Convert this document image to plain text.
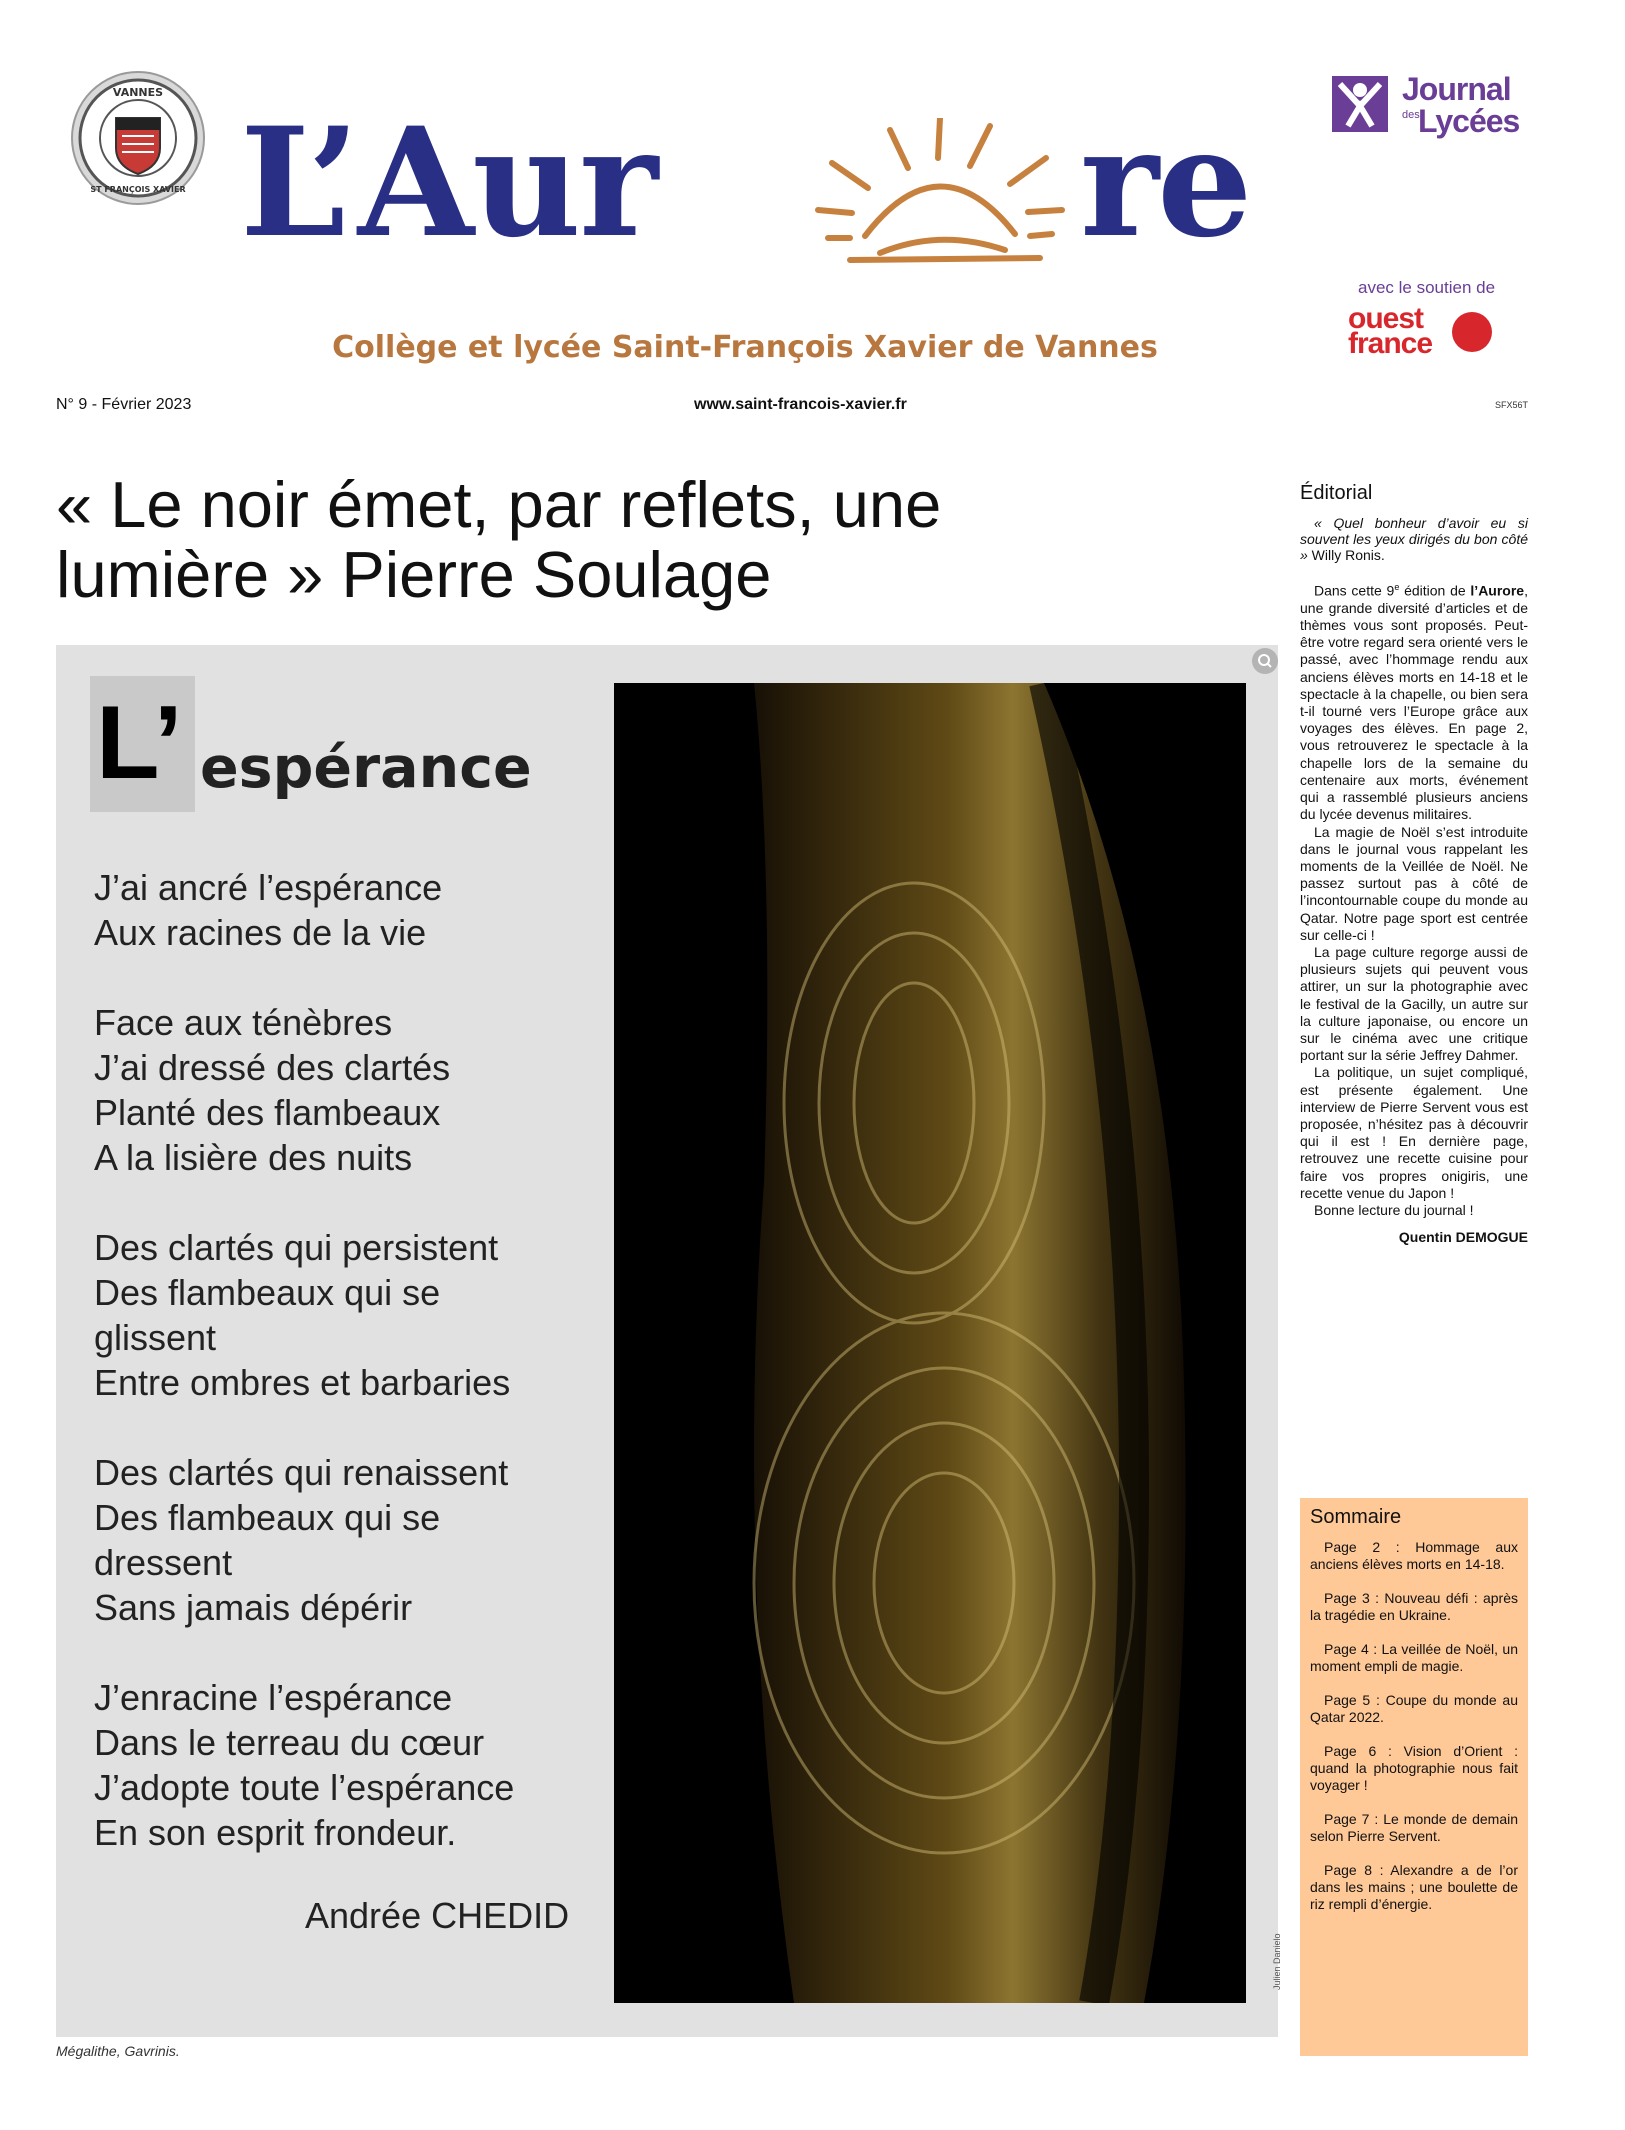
VANNES
ST FRANÇOIS XAVIER L’Aur	re
Journal
des
Lycées
avec le soutien de
ouest
france
Collège et lycée Saint-François Xavier de Vannes
N° 9 - Février 2023	www.saint-francois-xavier.fr	SFX56T
« Le noir émet, par reflets, une
lumière » Pierre Soulage
L’ espérance
J’ai ancré l’espérance
Aux racines de la vie
Face aux ténèbres
J’ai dressé des clartés
Planté des flambeaux
A la lisière des nuits
Des clartés qui persistent
Des flambeaux qui se
glissent
Entre ombres et barbaries
Des clartés qui renaissent
Des flambeaux qui se
dressent
Sans jamais dépérir
J’enracine l’espérance
Dans le terreau du cœur
J’adopte toute l’espérance
En son esprit frondeur.
Andrée CHEDID
Julien Danielo
Mégalithe, Gavrinis.
Éditorial
« Quel bonheur d’avoir eu si souvent les yeux dirigés du bon côté » Willy Ronis.

Dans cette 9e édition de l’Aurore, une grande diversité d’articles et de thèmes vous sont proposés. Peut-être votre regard sera orienté vers le passé, avec l’hommage rendu aux anciens élèves morts en 14-18 et le spectacle à la chapelle, ou bien sera t-il tourné vers l’Europe grâce aux voyages des élèves. En page 2, vous retrouverez le spectacle à la chapelle lors de la semaine du centenaire aux morts, événement qui a rassemblé plusieurs anciens du lycée devenus militaires.

La magie de Noël s’est introduite dans le journal vous rappelant les moments de la Veillée de Noël. Ne passez surtout pas à côté de l’incontournable coupe du monde au Qatar. Notre page sport est centrée sur celle-ci !

La page culture regorge aussi de plusieurs sujets qui peuvent vous attirer, un sur la photographie avec le festival de la Gacilly, un autre sur la culture japonaise, ou encore un sur le cinéma avec une critique portant sur la série Jeffrey Dahmer.

La politique, un sujet compliqué, est présente également. Une interview de Pierre Servent vous est proposée, n’hésitez pas à découvrir qui il est ! En dernière page, retrouvez une recette cuisine pour faire vos propres onigiris, une recette venue du Japon !

Bonne lecture du journal !

Quentin DEMOGUE
Sommaire

Page 2 : Hommage aux anciens élèves morts en 14-18.

Page 3 : Nouveau défi : après la tragédie en Ukraine.

Page 4 : La veillée de Noël, un moment empli de magie.

Page 5 : Coupe du monde au Qatar 2022.

Page 6 : Vision d’Orient : quand la photographie nous fait voyager !

Page 7 : Le monde de demain selon Pierre Servent.

Page 8 : Alexandre a de l’or dans les mains ; une boulette de riz rempli d’énergie.
